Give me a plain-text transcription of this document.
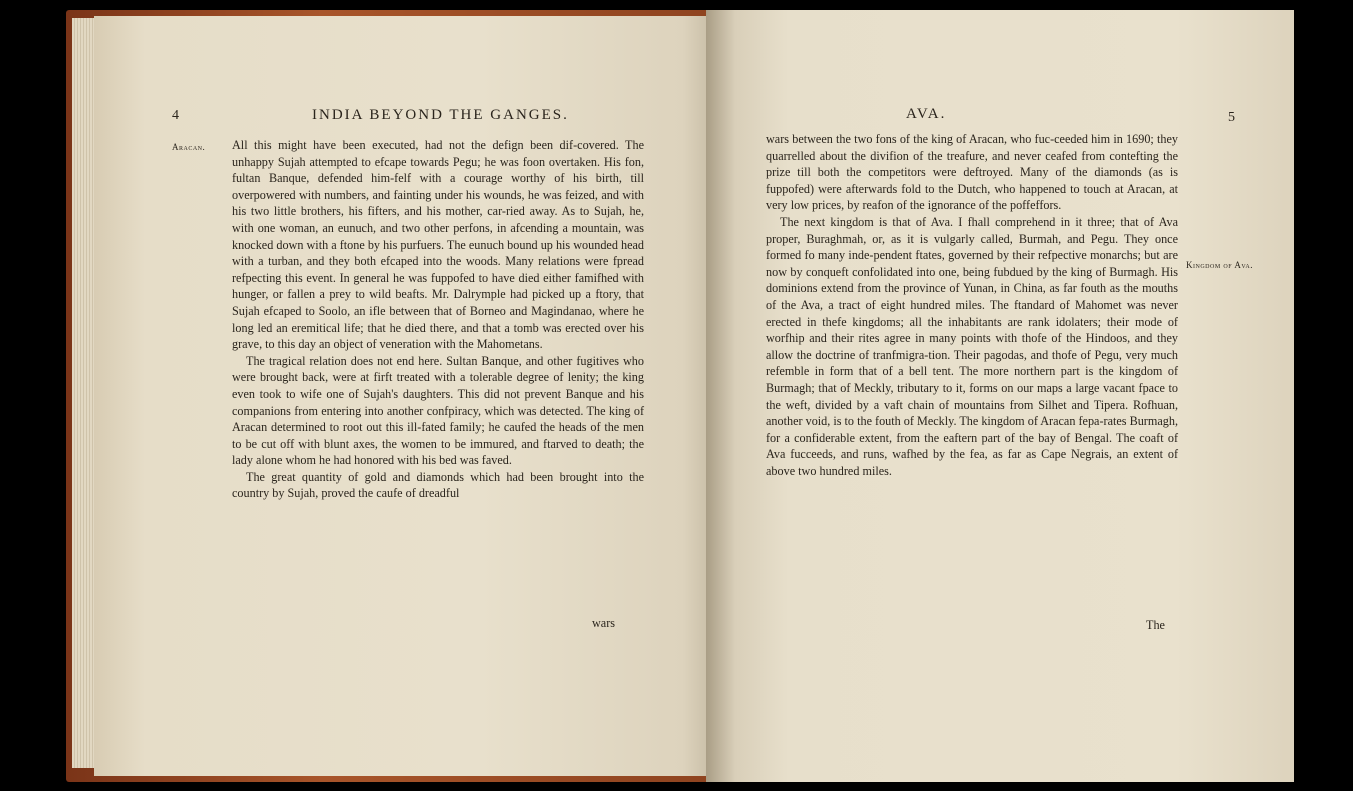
4	INDIA BEYOND THE GANGES.
Aracan. All this might have been executed, had not the defign been dif-covered. The unhappy Sujah attempted to efcape towards Pegu; he was foon overtaken. His fon, fultan Banque, defended him-felf with a courage worthy of his birth, till overpowered with numbers, and fainting under his wounds, he was feized, and with his two little brothers, his fifters, and his mother, car-ried away. As to Sujah, he, with one woman, an eunuch, and two other perfons, in afcending a mountain, was knocked down with a ftone by his purfuers. The eunuch bound up his wounded head with a turban, and they both efcaped into the woods. Many relations were fpread refpecting this event. In general he was fuppofed to have died either famifhed with hunger, or fallen a prey to wild beafts. Mr. Dalrymple had picked up a ftory, that Sujah efcaped to Soolo, an ifle between that of Borneo and Magindanao, where he long led an eremitical life; that he died there, and that a tomb was erected over his grave, to this day an object of veneration with the Mahometans.

The tragical relation does not end here. Sultan Banque, and other fugitives who were brought back, were at firft treated with a tolerable degree of lenity; the king even took to wife one of Sujah's daughters. This did not prevent Banque and his companions from entering into another confpiracy, which was detected. The king of Aracan determined to root out this ill-fated family; he caufed the heads of the men to be cut off with blunt axes, the women to be immured, and ftarved to death; the lady alone whom he had honored with his bed was faved.

The great quantity of gold and diamonds which had been brought into the country by Sujah, proved the caufe of dreadful

wars
AVA.	5

wars between the two fons of the king of Aracan, who fuc-ceeded him in 1690; they quarrelled about the divifion of the treafure, and never ceafed from contefting the prize till both the competitors were deftroyed. Many of the diamonds (as is fuppofed) were afterwards fold to the Dutch, who happened to touch at Aracan, at very low prices, by reafon of the ignorance of the poffeffors.

The next kingdom is that of Ava. I fhall comprehend in it three; that of Ava proper, Buraghmah, or, as it is vulgarly called, Burmah, and Pegu. They once formed fo many inde-pendent ftates, governed by their refpective monarchs; but are now by conqueft confolidated into one, being fubdued by the king of Burmagh. His dominions extend from the province of Yunan, in China, as far fouth as the mouths of the Ava, a tract of eight hundred miles. The ftandard of Mahomet was never erected in thefe kingdoms; all the inhabitants are rank idolaters; their mode of worfhip and their rites agree in many points with thofe of the Hindoos, and they allow the doctrine of tranfmigra-tion. Their pagodas, and thofe of Pegu, very much refemble in form that of a bell tent. The more northern part is the kingdom of Burmagh; that of Meckly, tributary to it, forms on our maps a large vacant fpace to the weft, divided by a vaft chain of mountains from Silhet and Tipera. Rofhuan, another void, is to the fouth of Meckly. The kingdom of Aracan fepa-rates Burmagh, for a confiderable extent, from the eaftern part of the bay of Bengal. The coaft of Ava fucceeds, and runs, wafhed by the fea, as far as Cape Negrais, an extent of above two hundred miles.

Kingdom of Ava.
The
